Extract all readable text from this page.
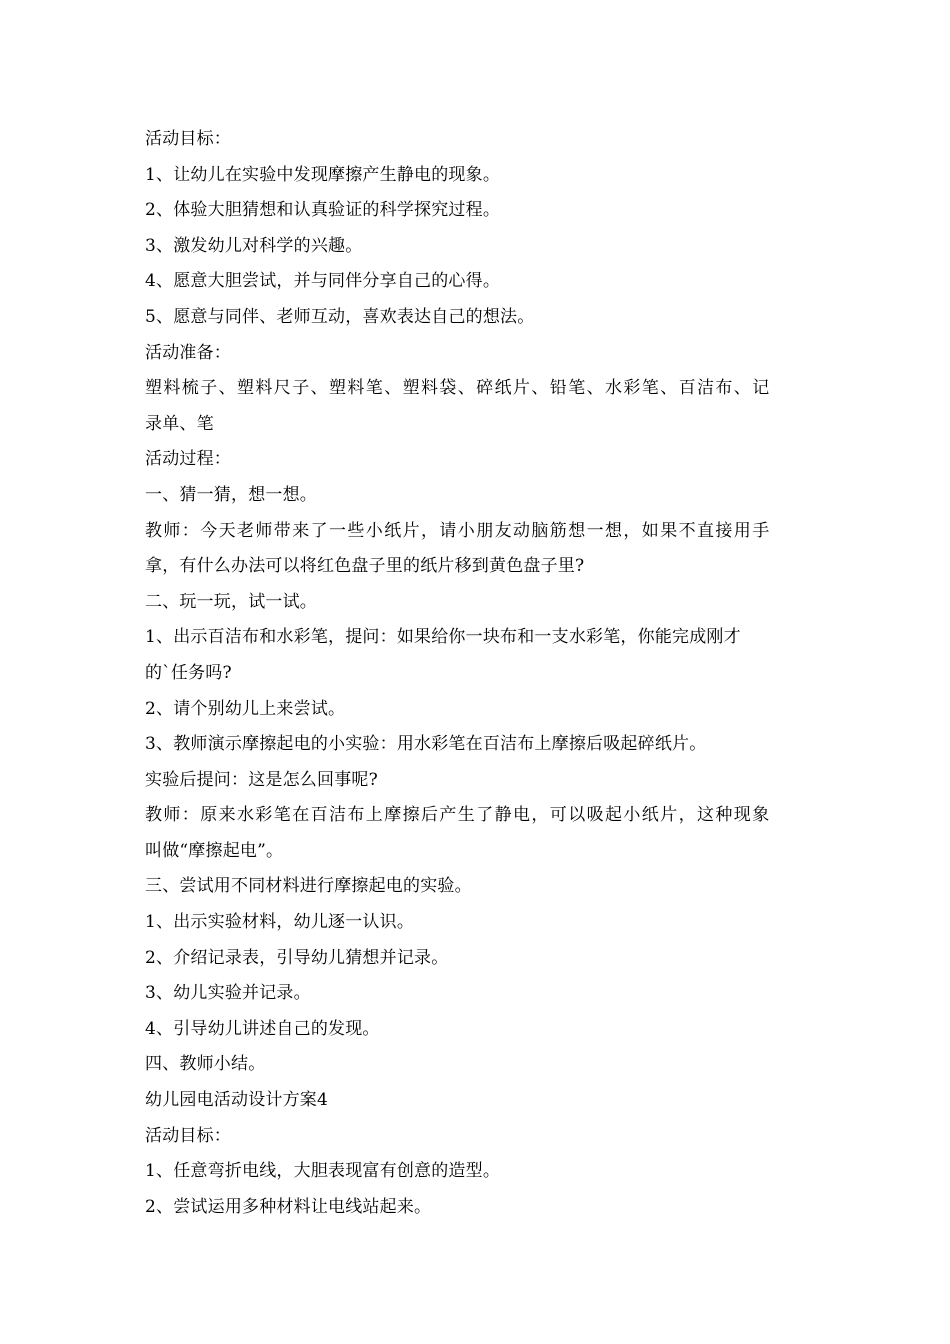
活动目标：
1、让幼儿在实验中发现摩擦产生静电的现象。
2、体验大胆猜想和认真验证的科学探究过程。
3、激发幼儿对科学的兴趣。
4、愿意大胆尝试，并与同伴分享自己的心得。
5、愿意与同伴、老师互动，喜欢表达自己的想法。
活动准备：
塑料梳子、塑料尺子、塑料笔、塑料袋、碎纸片、铅笔、水彩笔、百洁布、记
录单、笔
活动过程：
一、猜一猜，想一想。
教师：今天老师带来了一些小纸片，请小朋友动脑筋想一想，如果不直接用手
拿，有什么办法可以将红色盘子里的纸片移到黄色盘子里?
二、玩一玩，试一试。
1、出示百洁布和水彩笔，提问：如果给你一块布和一支水彩笔，你能完成刚才
的`任务吗?
2、请个别幼儿上来尝试。
3、教师演示摩擦起电的小实验：用水彩笔在百洁布上摩擦后吸起碎纸片。
实验后提问：这是怎么回事呢?
教师：原来水彩笔在百洁布上摩擦后产生了静电，可以吸起小纸片，这种现象
叫做“摩擦起电”。
三、尝试用不同材料进行摩擦起电的实验。
1、出示实验材料，幼儿逐一认识。
2、介绍记录表，引导幼儿猜想并记录。
3、幼儿实验并记录。
4、引导幼儿讲述自己的发现。
四、教师小结。
幼儿园电活动设计方案4
活动目标：
1、任意弯折电线，大胆表现富有创意的造型。
2、尝试运用多种材料让电线站起来。
